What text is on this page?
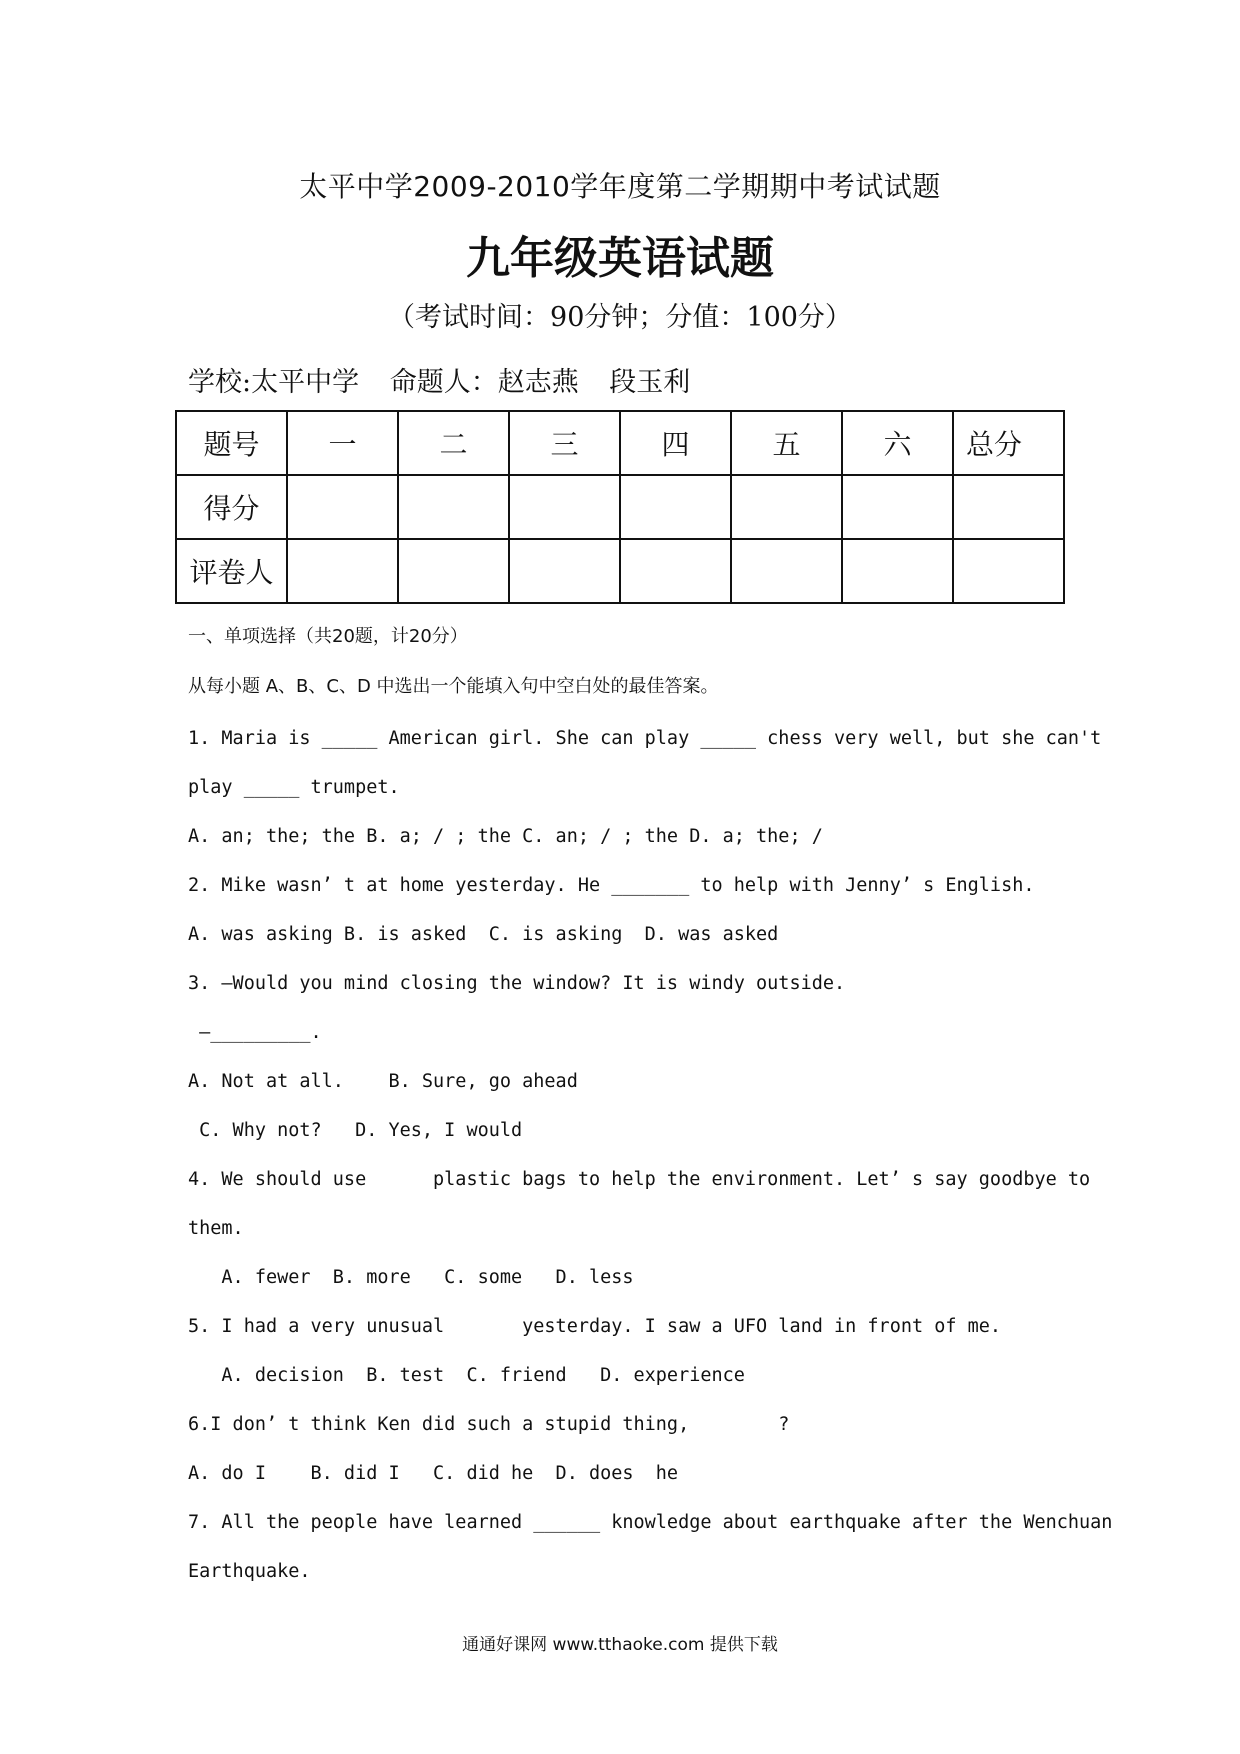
太平中学2009-2010学年度第二学期期中考试试题
九年级英语试题
（考试时间：90分钟；分值：100分）
学校:太平中学 命题人：赵志燕 段玉利
题号	一	二	三	四	五	六	总分
得分							
评卷人							
一、单项选择（共20题，计20分）
从每小题 A、B、C、D 中选出一个能填入句中空白处的最佳答案。
1. Maria is _____ American girl. She can play _____ chess very well, but she can't
play _____ trumpet.
A. an; the; the B. a; / ; the C. an; / ; the D. a; the; /
2. Mike wasn’ t at home yesterday. He _______ to help with Jenny’ s English.
A. was asking B. is asked  C. is asking  D. was asked
3. —Would you mind closing the window? It is windy outside.
—_________.
A. Not at all.    B. Sure, go ahead
C. Why not?   D. Yes, I would
4. We should use      plastic bags to help the environment. Let’ s say goodbye to
them.
A. fewer  B. more   C. some   D. less
5. I had a very unusual       yesterday. I saw a UFO land in front of me.
A. decision  B. test  C. friend   D. experience
6.I don’ t think Ken did such a stupid thing,        ?
A. do I    B. did I   C. did he  D. does  he
7. All the people have learned ______ knowledge about earthquake after the Wenchuan
Earthquake.
通通好课网 www.tthaoke.com 提供下载
